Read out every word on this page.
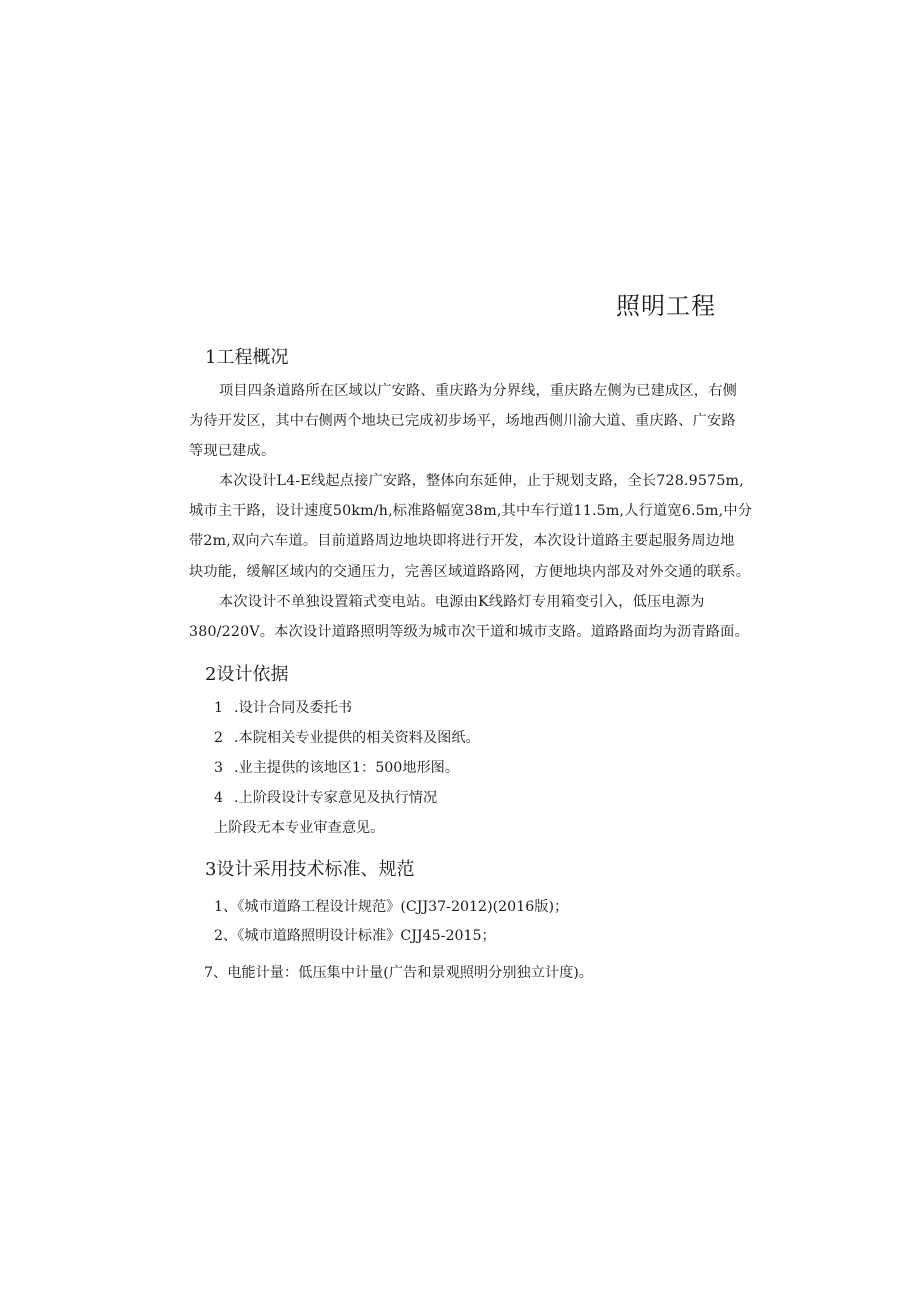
照明工程
1工程概况
项目四条道路所在区域以广安路、重庆路为分界线，重庆路左侧为已建成区，右侧
为待开发区，其中右侧两个地块已完成初步场平，场地西侧川渝大道、重庆路、广安路
等现已建成。
本次设计L4-E线起点接广安路，整体向东延伸，止于规划支路，全长728.9575m,
城市主干路，设计速度50km/h,标准路幅宽38m,其中车行道11.5m,人行道宽6.5m,中分
带2m,双向六车道。目前道路周边地块即将进行开发，本次设计道路主要起服务周边地
块功能，缓解区域内的交通压力，完善区域道路路网，方便地块内部及对外交通的联系。
本次设计不单独设置箱式变电站。电源由K线路灯专用箱变引入，低压电源为
380/220V。本次设计道路照明等级为城市次干道和城市支路。道路路面均为沥青路面。
2设计依据
1 .设计合同及委托书
2 .本院相关专业提供的相关资料及图纸。
3 .业主提供的该地区1：500地形图。
4 .上阶段设计专家意见及执行情况
上阶段无本专业审查意见。
3设计采用技术标准、规范
1、《城市道路工程设计规范》(CJJ37-2012)(2016版)；
2、《城市道路照明设计标准》CJJ45-2015；
7、电能计量：低压集中计量(广告和景观照明分别独立计度)。
